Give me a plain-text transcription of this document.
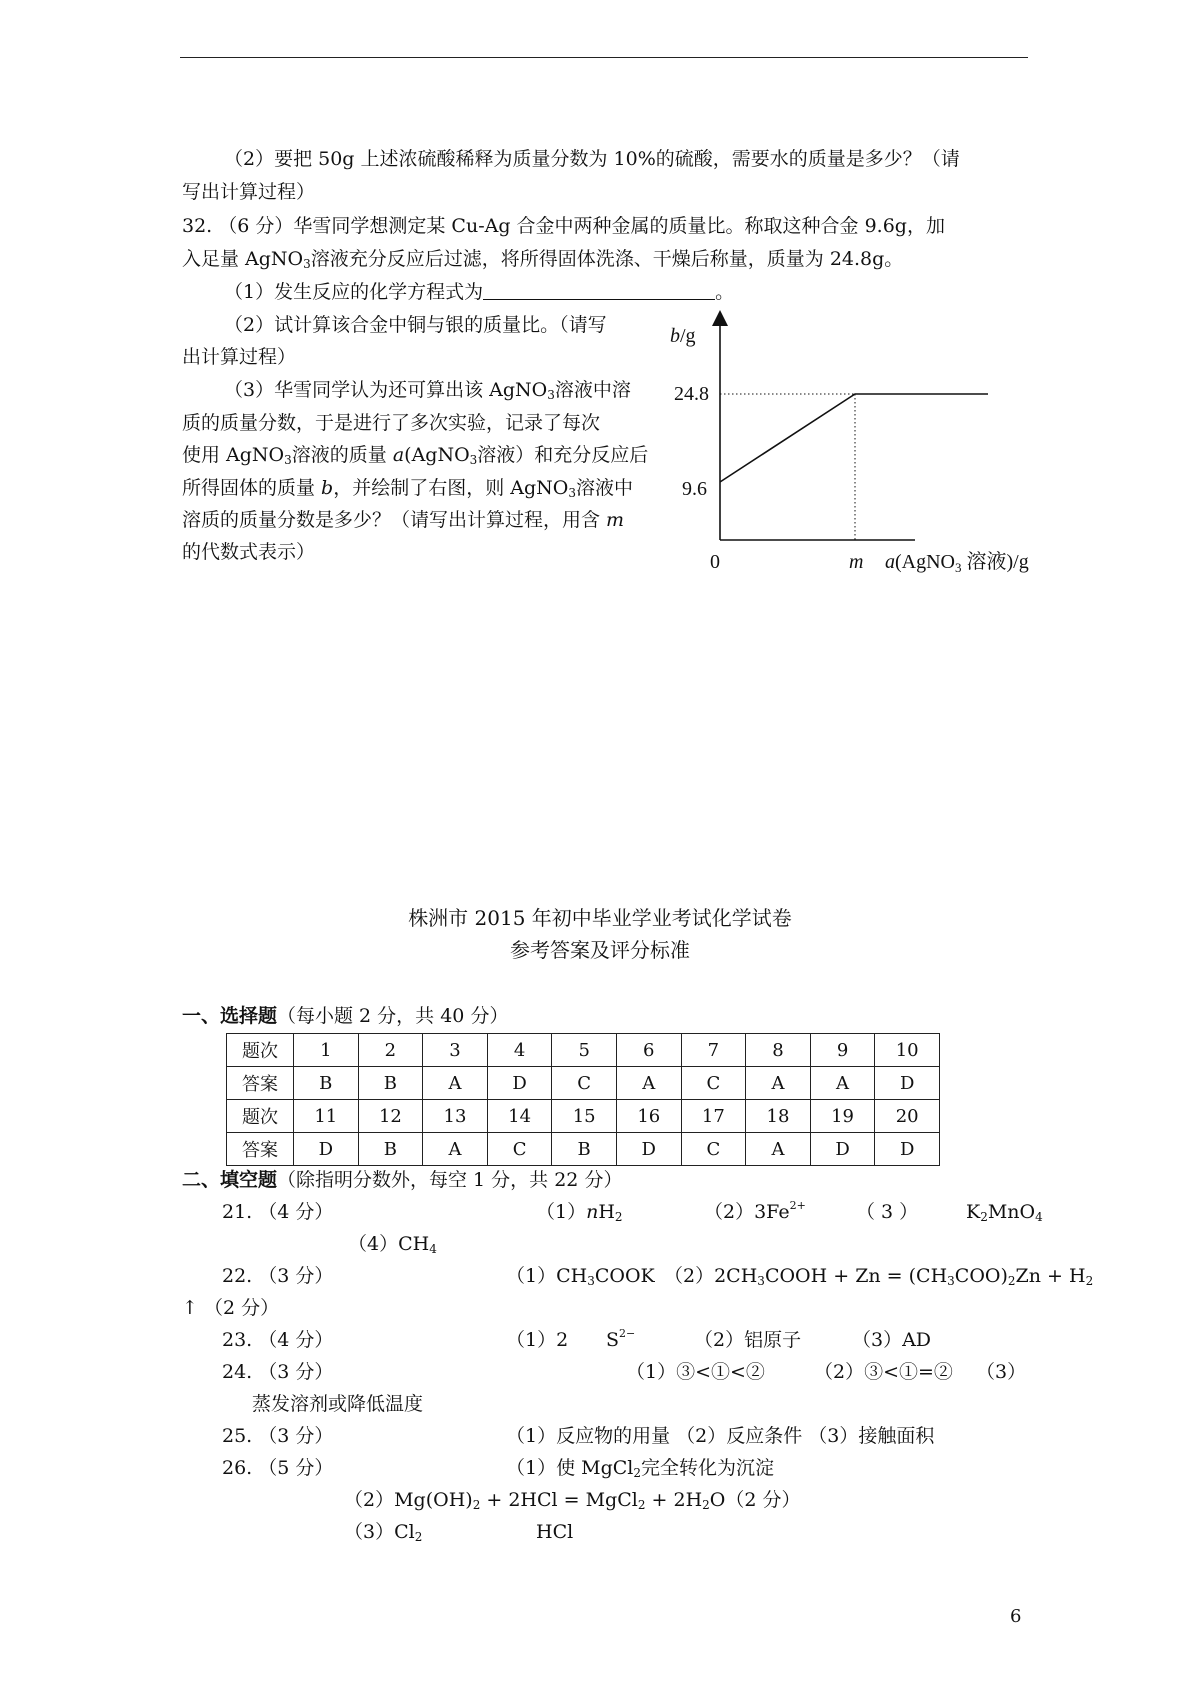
（2）要把 50g 上述浓硫酸稀释为质量分数为 10%的硫酸，需要水的质量是多少？（请
写出计算过程）
32. （6 分）华雪同学想测定某 Cu-Ag 合金中两种金属的质量比。称取这种合金 9.6g，加
入足量 AgNO$_3$溶液充分反应后过滤，将所得固体洗涤、干燥后称量，质量为 24.8g。
（1）发生反应的化学方程式为	。
（2）试计算该合金中铜与银的质量比。（请写
出计算过程）
（3）华雪同学认为还可算出该 AgNO$_3$溶液中溶
质的质量分数，于是进行了多次实验，记录了每次
使用 AgNO$_3$溶液的质量 a(AgNO$_3$溶液）和充分反应后
所得固体的质量 b，并绘制了右图，则 AgNO$_3$溶液中
溶质的质量分数是多少？（请写出计算过程，用含 m
的代数式表示）
b/g
24.8
9.6
0	m a(AgNO$_3$ 溶液)/g
株洲市 2015 年初中毕业学业考试化学试卷
参考答案及评分标准
一、选择题（每小题 2 分，共 40 分）
题次	1	2	3	4	5	6	7	8	9	10
答案	B	B	A	D	C	A	C	A	A	D
题次	11	12	13	14	15	16	17	18	19	20
答案	D	B	A	C	B	D	C	A	D	D
二、填空题（除指明分数外，每空 1 分，共 22 分）
21. （4 分）	$(1)nH_2$	$(2)3Fe^{2+}$	（ 3 ）	$K_2MnO_4$
$(4)CH_4$
22. （3 分）	$(1)CH_3COOK$ $(2)2CH_3COOH + Zn = (CH_3COO)_2Zn + H_2$
↑ （2 分）
23. （4 分）	（1）2 $S^{2-}$	（2）铝原子	（3）AD
24. （3 分）	（1）③<①<②	（2）③<①=② （3）
蒸发溶剂或降低温度
25. （3 分）	（1）反应物的用量 （2）反应条件 （3）接触面积
26. （5 分）	（1）使 MgCl$_2$完全转化为沉淀
$(2)Mg(OH)_2 + 2HCl$ = MgCl$_2$ + $2H_2O(2$ 分）
$(3)Cl_2$	HCl
6
